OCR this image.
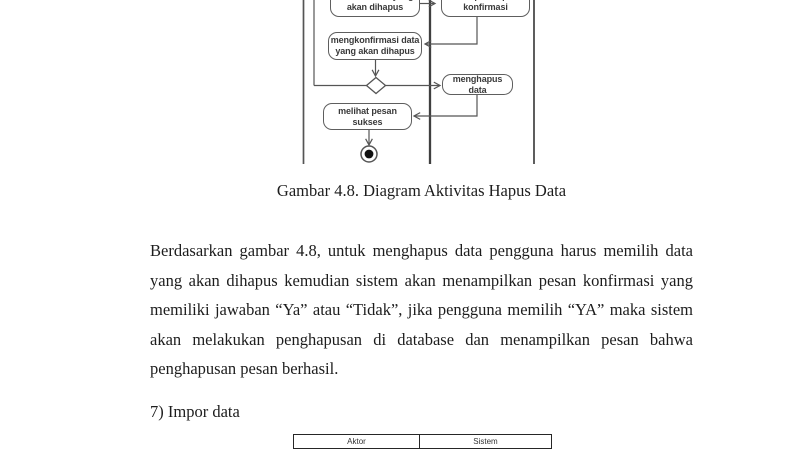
akan dihapus	konfirmasi
mengkonfirmasi data
yang akan dihapus
menghapus data
melihat pesan sukses
Gambar 4.8. Diagram Aktivitas Hapus Data
Berdasarkan gambar 4.8, untuk menghapus data pengguna harus memilih data
yang akan dihapus kemudian sistem akan menampilkan pesan konfirmasi yang
memiliki jawaban “Ya” atau “Tidak”, jika pengguna memilih “YA” maka sistem
akan melakukan penghapusan di database dan menampilkan pesan bahwa
penghapusan pesan berhasil.
7) Impor data
Aktor	Sistem
